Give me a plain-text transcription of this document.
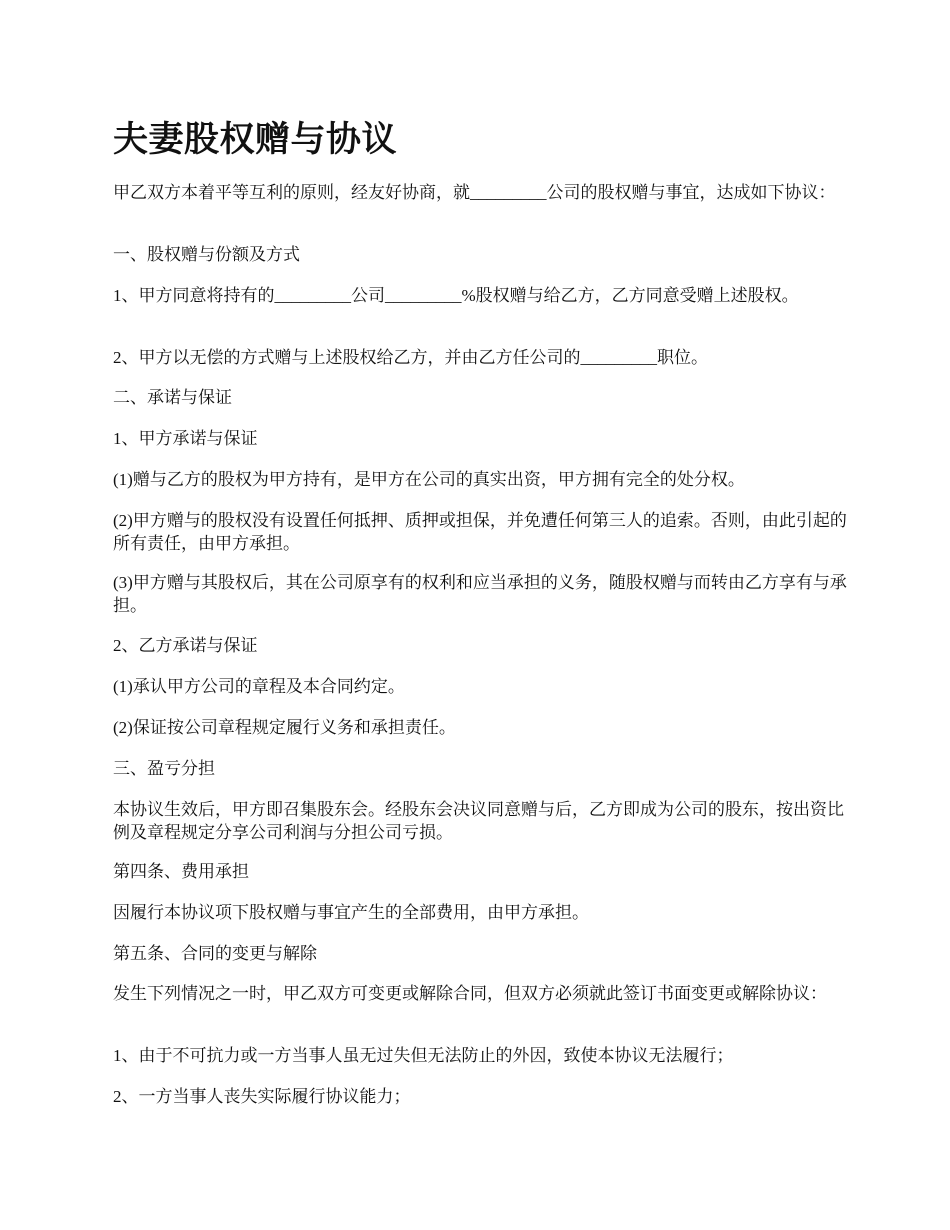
夫妻股权赠与协议

甲乙双方本着平等互利的原则，经友好协商，就_________公司的股权赠与事宜，达成如下协议：

一、股权赠与份额及方式

1、甲方同意将持有的_________公司_________%股权赠与给乙方，乙方同意受赠上述股权。

2、甲方以无偿的方式赠与上述股权给乙方，并由乙方任公司的_________职位。

二、承诺与保证

1、甲方承诺与保证

(1)赠与乙方的股权为甲方持有，是甲方在公司的真实出资，甲方拥有完全的处分权。

(2)甲方赠与的股权没有设置任何抵押、质押或担保，并免遭任何第三人的追索。否则，由此引起的所有责任，由甲方承担。

(3)甲方赠与其股权后，其在公司原享有的权利和应当承担的义务，随股权赠与而转由乙方享有与承担。

2、乙方承诺与保证

(1)承认甲方公司的章程及本合同约定。

(2)保证按公司章程规定履行义务和承担责任。

三、盈亏分担

本协议生效后，甲方即召集股东会。经股东会决议同意赠与后，乙方即成为公司的股东，按出资比例及章程规定分享公司利润与分担公司亏损。

第四条、费用承担

因履行本协议项下股权赠与事宜产生的全部费用，由甲方承担。

第五条、合同的变更与解除

发生下列情况之一时，甲乙双方可变更或解除合同，但双方必须就此签订书面变更或解除协议：

1、由于不可抗力或一方当事人虽无过失但无法防止的外因，致使本协议无法履行；

2、一方当事人丧失实际履行协议能力；
